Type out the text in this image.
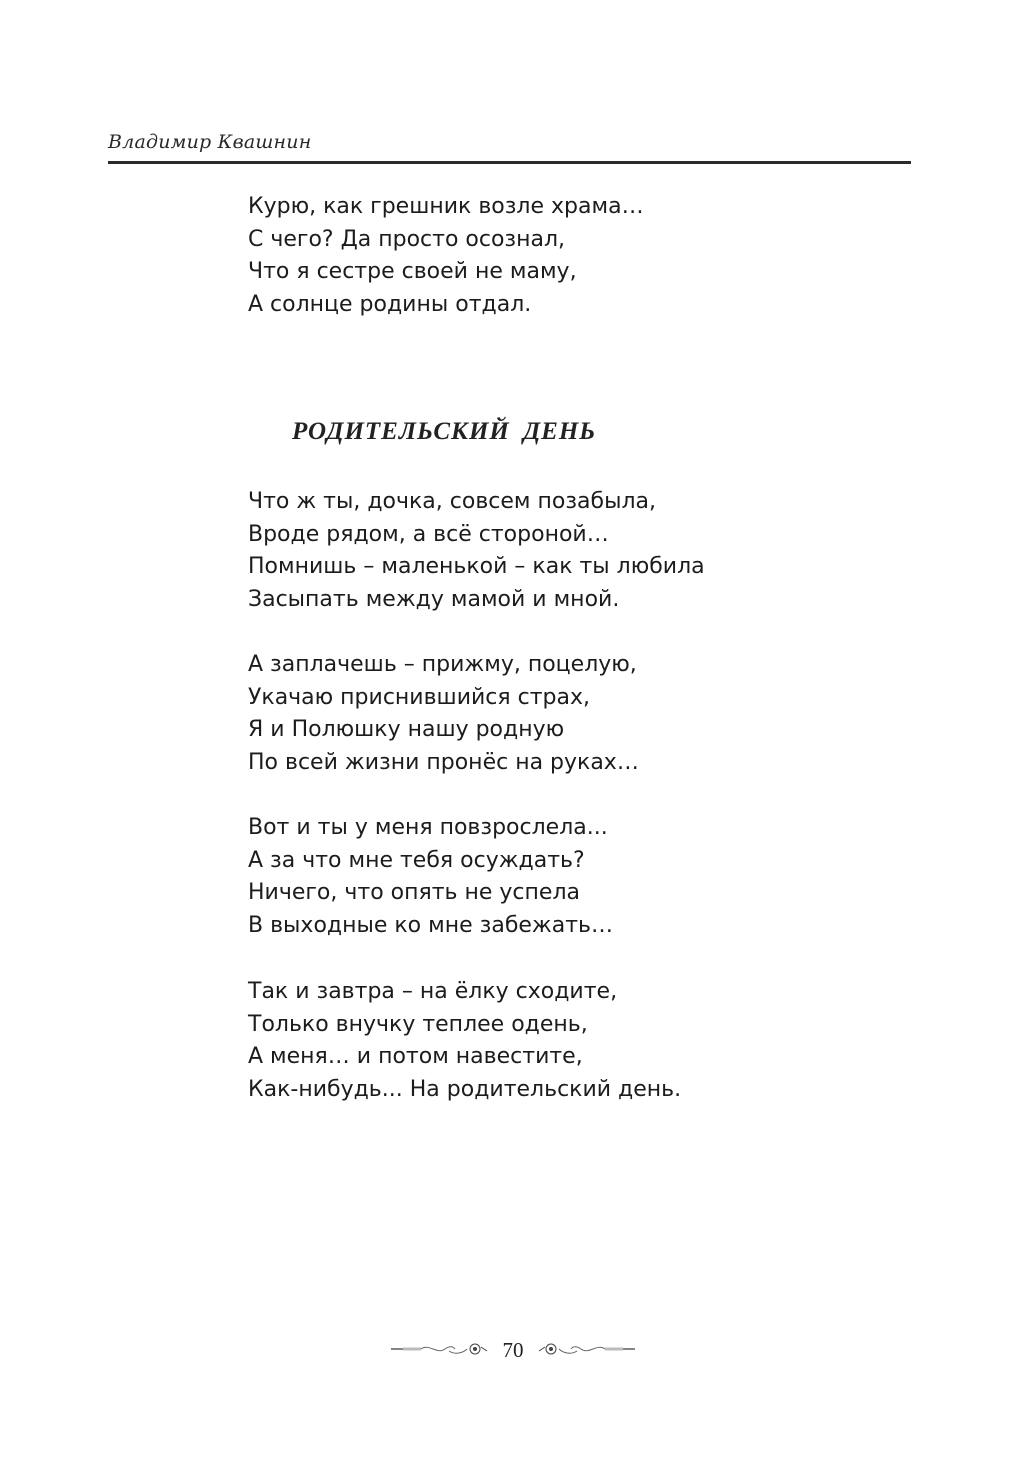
Владимир Квашнин
Курю, как грешник возле храма…
С чего? Да просто осознал,
Что я сестре своей не маму,
А солнце родины отдал.
РОДИТЕЛЬСКИЙ ДЕНЬ
Что ж ты, дочка, совсем позабыла,
Вроде рядом, а всё стороной…
Помнишь – маленькой – как ты любила
Засыпать между мамой и мной.
А заплачешь – прижму, поцелую,
Укачаю приснившийся страх,
Я и Полюшку нашу родную
По всей жизни пронёс на руках…
Вот и ты у меня повзрослела...
А за что мне тебя осуждать?
Ничего, что опять не успела
В выходные ко мне забежать…
Так и завтра – на ёлку сходите,
Только внучку теплее одень,
А меня… и потом навестите,
Как-нибудь... На родительский день.
70
